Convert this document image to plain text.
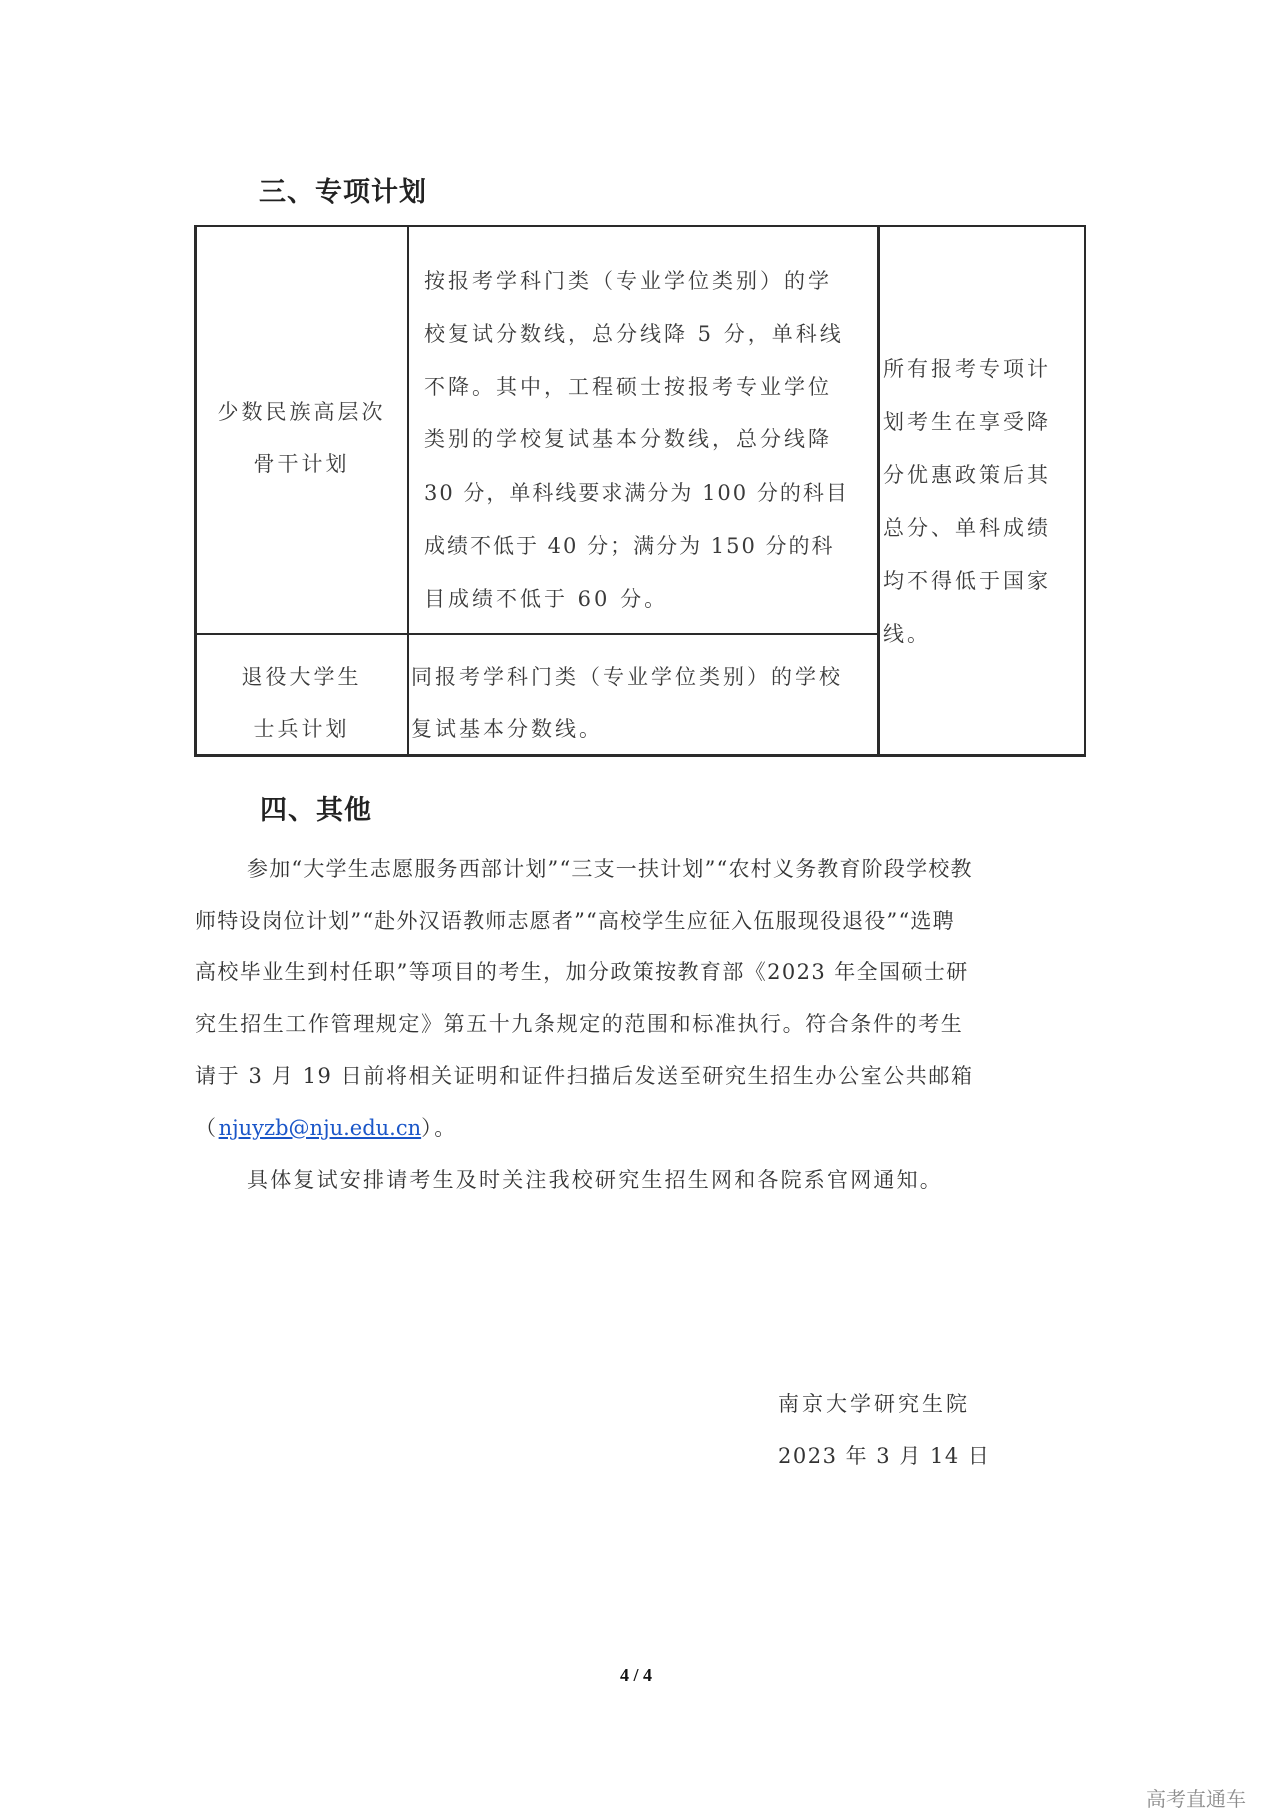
三、专项计划
少数民族高层次
骨干计划
按报考学科门类（专业学位类别）的学
校复试分数线，总分线降 5 分，单科线
不降。其中，工程硕士按报考专业学位
类别的学校复试基本分数线，总分线降
30 分，单科线要求满分为 100 分的科目
成绩不低于 40 分；满分为 150 分的科
目成绩不低于 60 分。
退役大学生
士兵计划
同报考学科门类（专业学位类别）的学校
复试基本分数线。
所有报考专项计
划考生在享受降
分优惠政策后其
总分、单科成绩
均不得低于国家
线。
四、其他
参加“大学生志愿服务西部计划”“三支一扶计划”“农村义务教育阶段学校教
师特设岗位计划”“赴外汉语教师志愿者”“高校学生应征入伍服现役退役”“选聘
高校毕业生到村任职”等项目的考生，加分政策按教育部《2023 年全国硕士研
究生招生工作管理规定》第五十九条规定的范围和标准执行。符合条件的考生
请于 3 月 19 日前将相关证明和证件扫描后发送至研究生招生办公室公共邮箱
（njuyzb@nju.edu.cn）。
具体复试安排请考生及时关注我校研究生招生网和各院系官网通知。
南京大学研究生院
2023 年 3 月 14 日
4 / 4
高考直通车
